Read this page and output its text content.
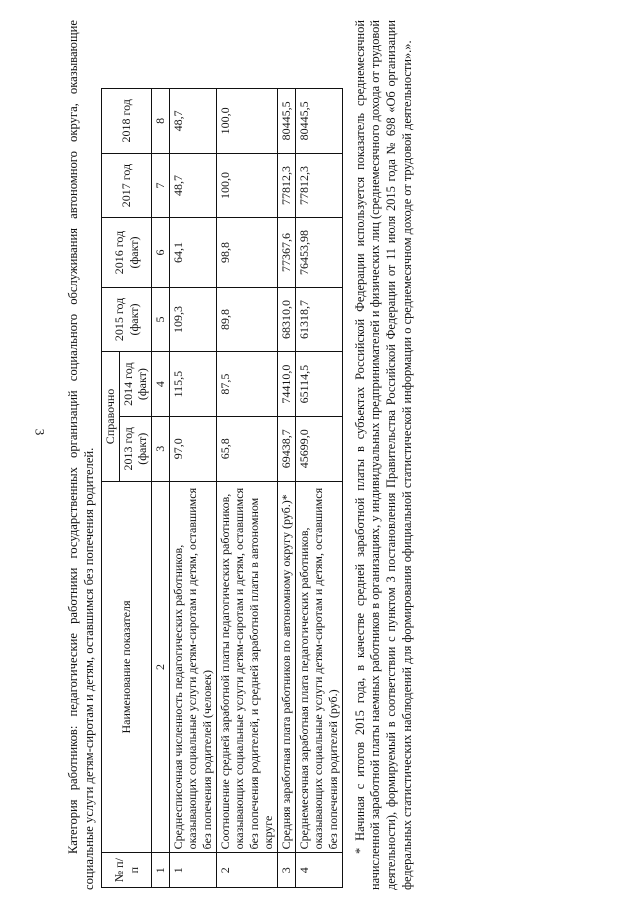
3 Категория работников: педагогические работники государственных организаций социального обслуживания автономного округа, оказывающие социальные услуги детям-сиротам и детям, оставшимся без попечения родителей. № п/п	Наименование показателя	Справочно		2015 год (факт)	2016 год (факт)	2017 год	2018 год
		2013 год (факт)	2014 год (факт)				
1	2	3	4	5	6	7	8
1	Среднесписочная численность педагогических работников, оказывающих социальные услуги детям-сиротам и детям, оставшимся без попечения родителей (человек)	97,0	115,5	109,3	64,1	48,7	48,7
2	Соотношение средней заработной платы педагогических работников, оказывающих социальные услуги детям-сиротам и детям, оставшимся без попечения родителей, и средней заработной платы в автономном округе	65,8	87,5	89,8	98,8	100,0	100,0
3	Средняя заработная плата работников по автономному округу (руб.)*	69438,7	74410,0	68310,0	77367,6	77812,3	80445,5
4	Среднемесячная заработная плата педагогических работников, оказывающих социальные услуги детям-сиротам и детям, оставшимся без попечения родителей (руб.)	45699,0	65114,5	61318,7	76453,98	77812,3	80445,5	* Начиная с итогов 2015 года, в качестве средней заработной платы в субъектах Российской Федерации используется показатель среднемесячной начисленной заработной платы наемных работников в организациях, у индивидуальных предпринимателей и физических лиц (среднемесячного дохода от трудовой деятельности), формируемый в соответствии с пунктом 3 постановления Правительства Российской Федерации от 11 июля 2015 года № 698 «Об организации федеральных статистических наблюдений для формирования официальной статистической информации о среднемесячном доходе от трудовой деятельности».».
